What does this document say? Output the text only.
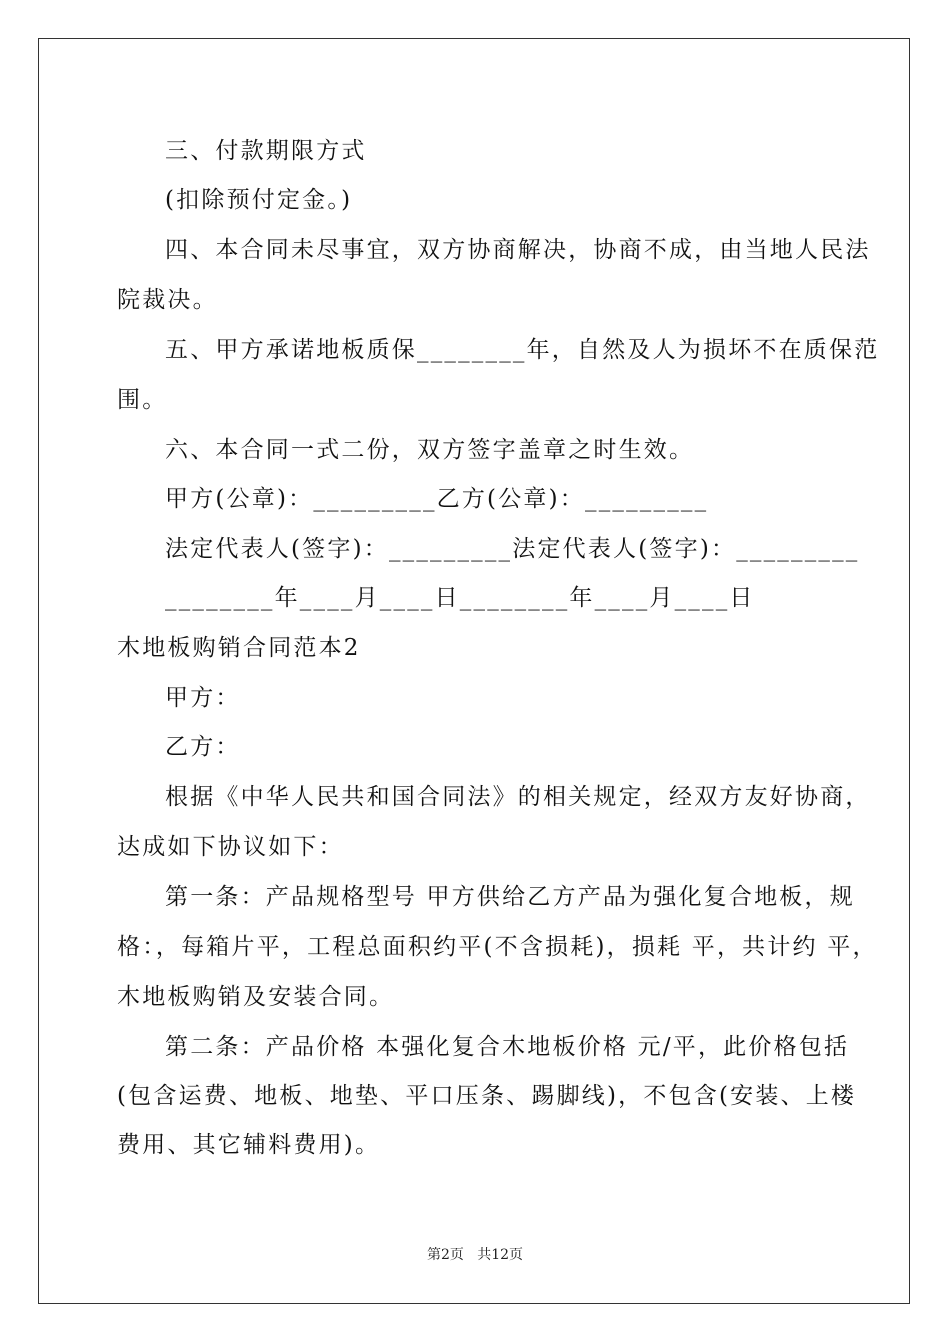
三、付款期限方式
(扣除预付定金。)
四、本合同未尽事宜，双方协商解决，协商不成，由当地人民法
院裁决。
五、甲方承诺地板质保________年，自然及人为损坏不在质保范
围。
六、本合同一式二份，双方签字盖章之时生效。
甲方(公章)：_________乙方(公章)：_________
法定代表人(签字)：_________法定代表人(签字)：_________
________年____月____日________年____月____日
木地板购销合同范本2
甲方：
乙方：
根据《中华人民共和国合同法》的相关规定，经双方友好协商，
达成如下协议如下：
第一条：产品规格型号 甲方供给乙方产品为强化复合地板，规
格：，每箱片平，工程总面积约平(不含损耗)，损耗 平，共计约 平，
木地板购销及安装合同。
第二条：产品价格 本强化复合木地板价格 元/平，此价格包括
(包含运费、地板、地垫、平口压条、踢脚线)，不包含(安装、上楼
费用、其它辅料费用)。
第2页   共12页
